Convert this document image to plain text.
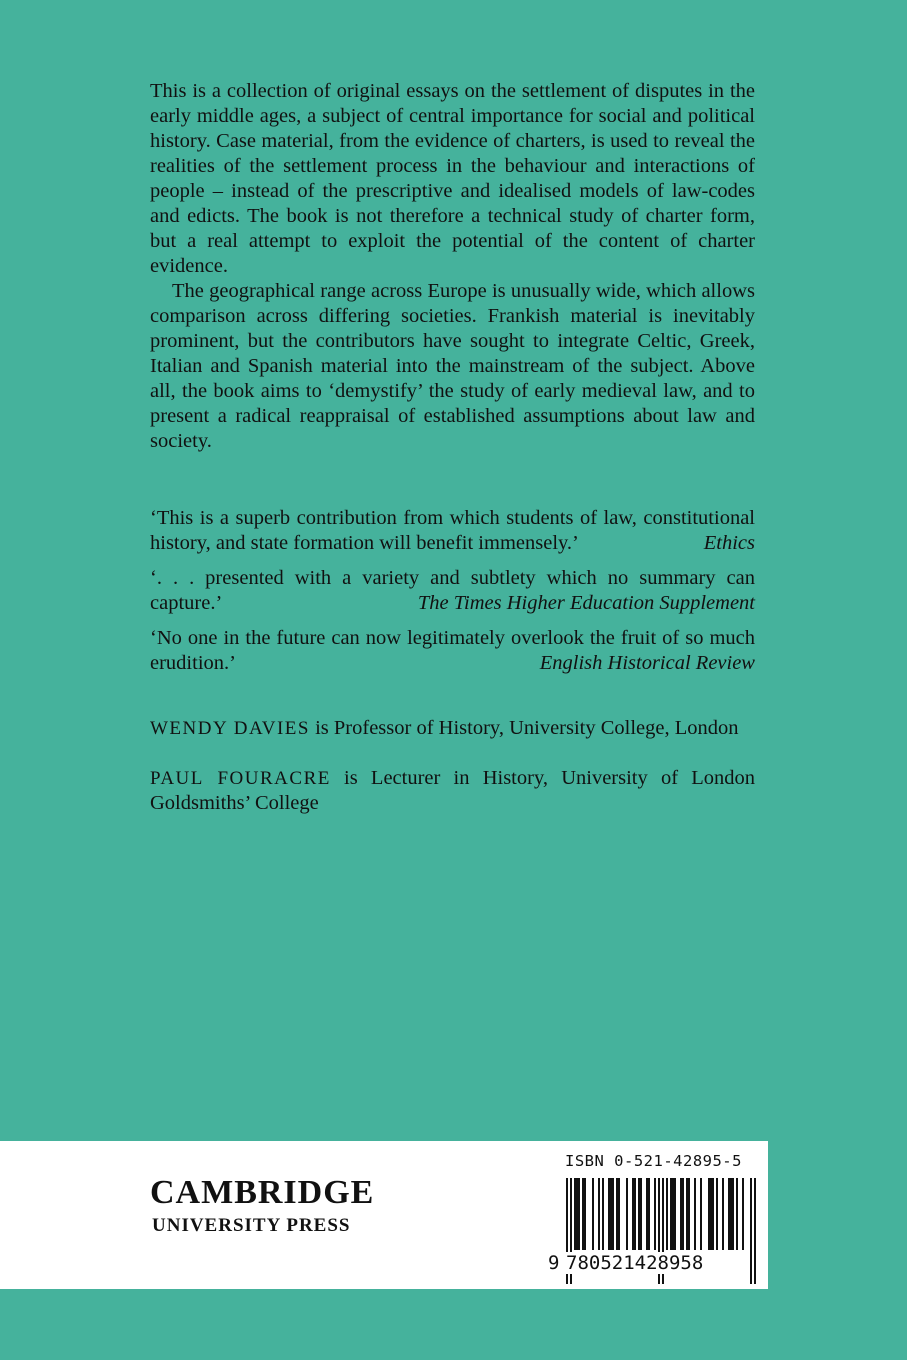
This is a collection of original essays on the settlement of disputes in the early middle ages, a subject of central importance for social and political history. Case material, from the evidence of charters, is used to reveal the realities of the settlement process in the behaviour and interactions of people – instead of the prescriptive and idealised models of law-codes and edicts. The book is not therefore a technical study of charter form, but a real attempt to exploit the potential of the content of charter evidence.

The geographical range across Europe is unusually wide, which allows comparison across differing societies. Frankish material is inevitably prominent, but the contributors have sought to integrate Celtic, Greek, Italian and Spanish material into the mainstream of the subject. Above all, the book aims to ‘demystify’ the study of early medieval law, and to present a radical reappraisal of established assumptions about law and society.

‘This is a superb contribution from which students of law, constitutional history, and state formation will benefit immensely.’	Ethics

‘. . . presented with a variety and subtlety which no summary can capture.’	The Times Higher Education Supplement

‘No one in the future can now legitimately overlook the fruit of so much erudition.’	English Historical Review

WENDY DAVIES is Professor of History, University College, London

PAUL FOURACRE is Lecturer in History, University of London Goldsmiths’ College

CAMBRIDGE
UNIVERSITY PRESS
ISBN 0-521-42895-5
9 780521428958
